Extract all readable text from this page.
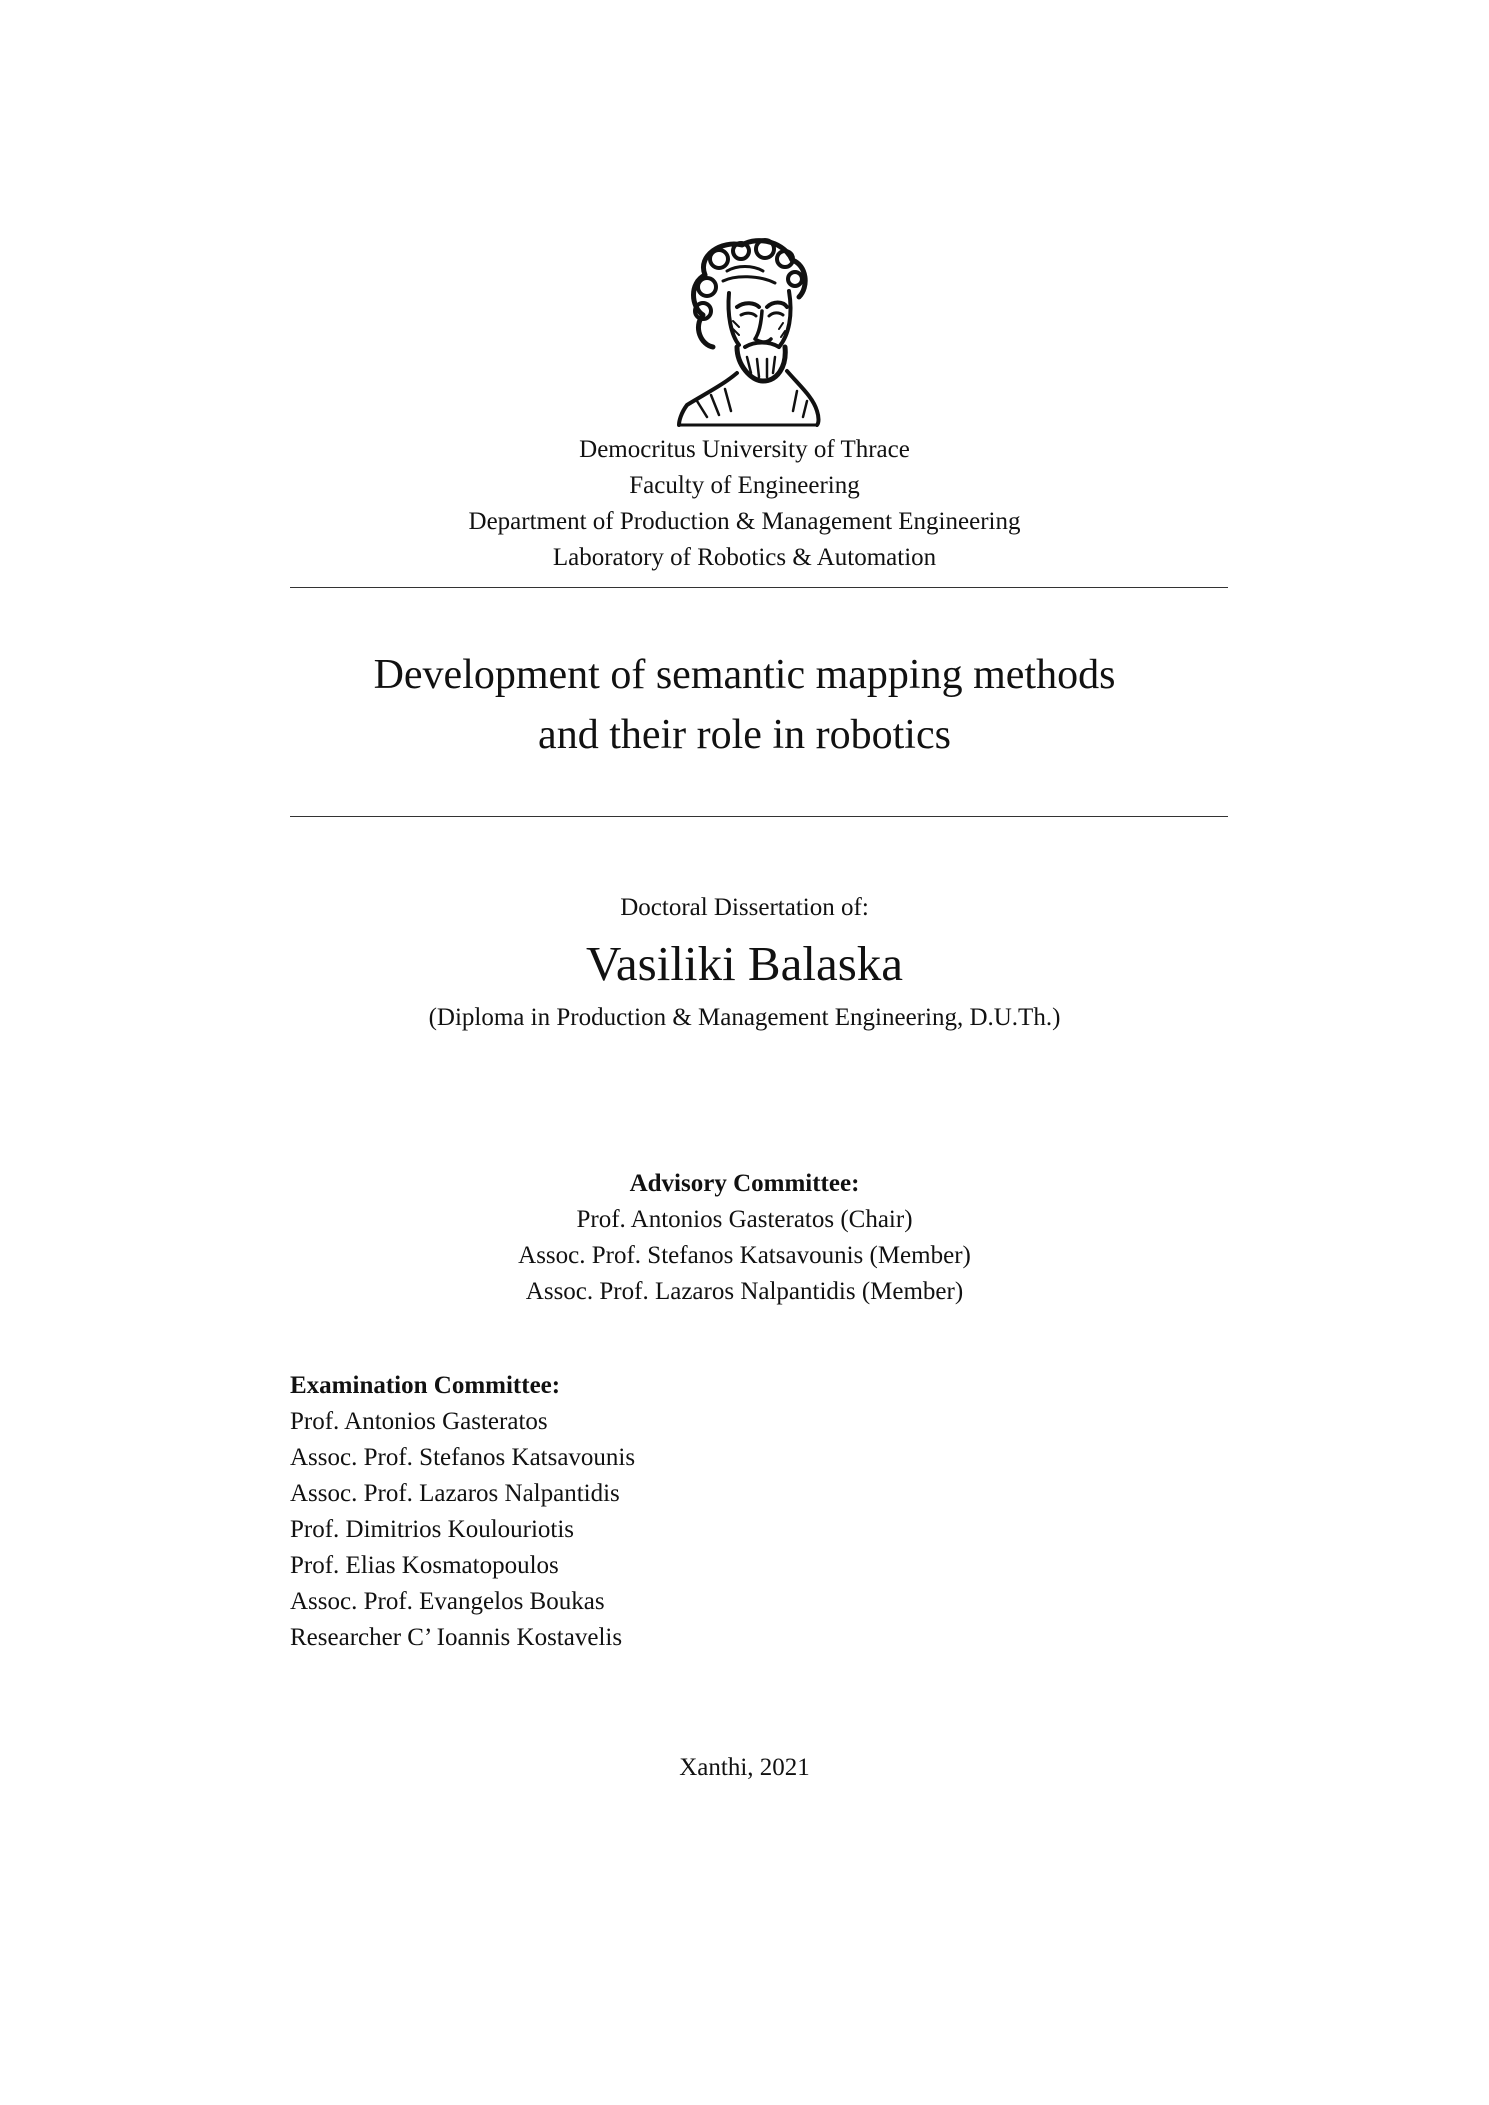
Democritus University of Thrace
Faculty of Engineering
Department of Production & Management Engineering
Laboratory of Robotics & Automation
Development of semantic mapping methods
and their role in robotics
Doctoral Dissertation of:
Vasiliki Balaska
(Diploma in Production & Management Engineering, D.U.Th.)
Advisory Committee:
Prof. Antonios Gasteratos (Chair)
Assoc. Prof. Stefanos Katsavounis (Member)
Assoc. Prof. Lazaros Nalpantidis (Member)
Examination Committee:
Prof. Antonios Gasteratos
Assoc. Prof. Stefanos Katsavounis
Assoc. Prof. Lazaros Nalpantidis
Prof. Dimitrios Koulouriotis
Prof. Elias Kosmatopoulos
Assoc. Prof. Evangelos Boukas
Researcher C’ Ioannis Kostavelis
Xanthi, 2021
